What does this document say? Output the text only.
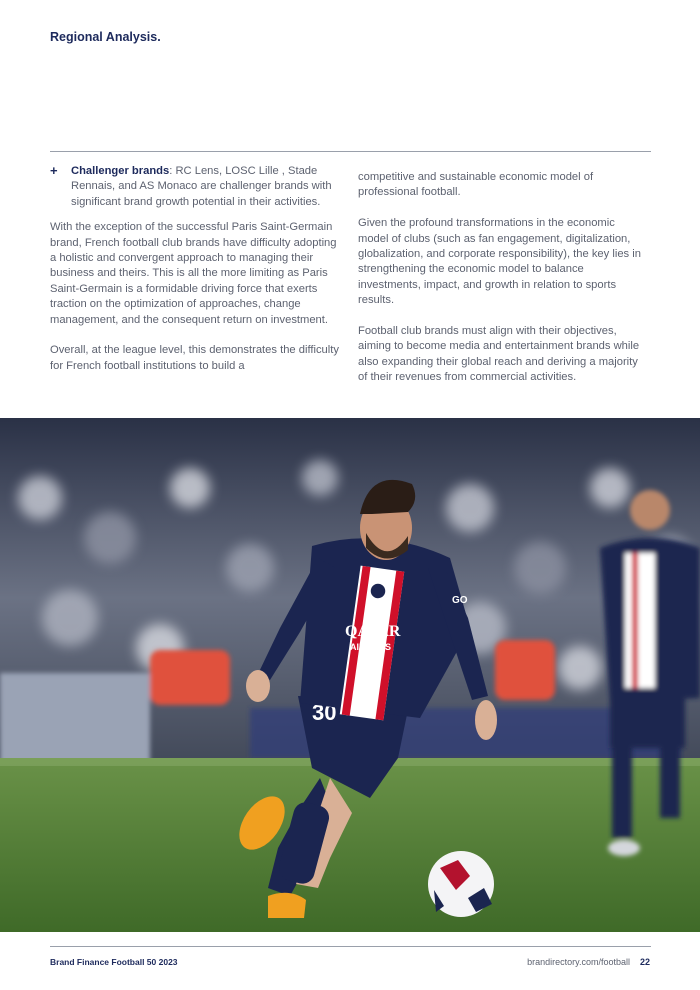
Regional Analysis.
+ Challenger brands: RC Lens, LOSC Lille , Stade Rennais, and AS Monaco are challenger brands with significant brand growth potential in their activities.

With the exception of the successful Paris Saint-Germain brand, French football club brands have difficulty adopting a holistic and convergent approach to managing their business and theirs. This is all the more limiting as Paris Saint-Germain is a formidable driving force that exerts traction on the optimization of approaches, change management, and the consequent return on investment.

Overall, at the league level, this demonstrates the difficulty for French football institutions to build a

competitive and sustainable economic model of professional football.

Given the profound transformations in the economic model of clubs (such as fan engagement, digitalization, globalization, and corporate responsibility), the key lies in strengthening the economic model to balance investments, impact, and growth in relation to sports results.

Football club brands must align with their objectives, aiming to become media and entertainment brands while also expanding their global reach and deriving a majority of their revenues from commercial activities.

30
QATAR
AIRWAYS
GO
Brand Finance Football 50 2023	brandirectory.com/football 22
